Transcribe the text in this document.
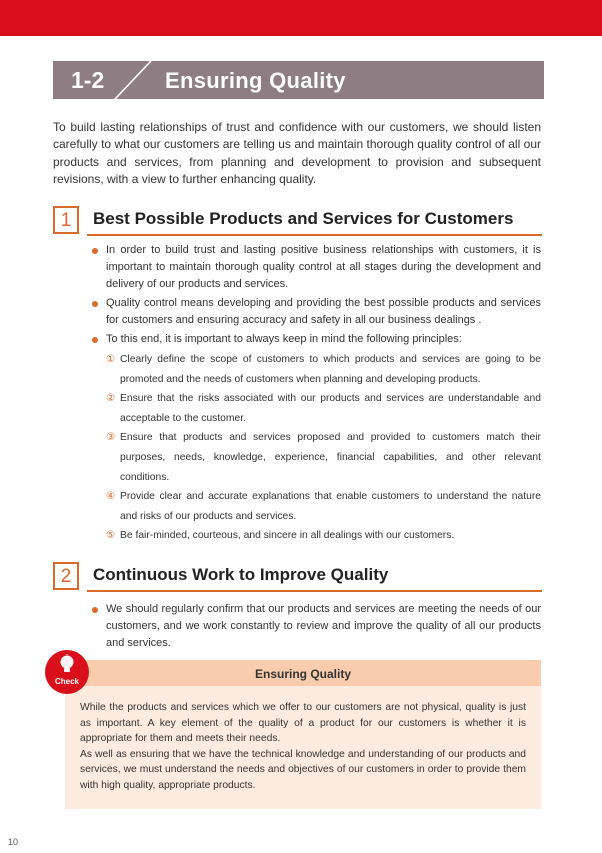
1-2	Ensuring Quality
To build lasting relationships of trust and confidence with our customers, we should listen carefully to what our customers are telling us and maintain thorough quality control of all our products and services, from planning and development to provision and subsequent revisions, with a view to further enhancing quality.
1	Best Possible Products and Services for Customers
In order to build trust and lasting positive business relationships with customers, it is important to maintain thorough quality control at all stages during the development and delivery of our products and services.
Quality control means developing and providing the best possible products and services for customers and ensuring accuracy and safety in all our business dealings .
To this end, it is important to always keep in mind the following principles:
① Clearly define the scope of customers to which products and services are going to be promoted and the needs of customers when planning and developing products.
② Ensure that the risks associated with our products and services are understandable and acceptable to the customer.
③ Ensure that products and services proposed and provided to customers match their purposes, needs, knowledge, experience, financial capabilities, and other relevant conditions.
④ Provide clear and accurate explanations that enable customers to understand the nature and risks of our products and services.
⑤ Be fair-minded, courteous, and sincere in all dealings with our customers.
2	Continuous Work to Improve Quality
We should regularly confirm that our products and services are meeting the needs of our customers, and we work constantly to review and improve the quality of all our products and services.
Ensuring Quality
While the products and services which we offer to our customers are not physical, quality is just as important. A key element of the quality of a product for our customers is whether it is appropriate for them and meets their needs.
As well as ensuring that we have the technical knowledge and understanding of our products and services, we must understand the needs and objectives of our customers in order to provide them with high quality, appropriate products.
Check
10
